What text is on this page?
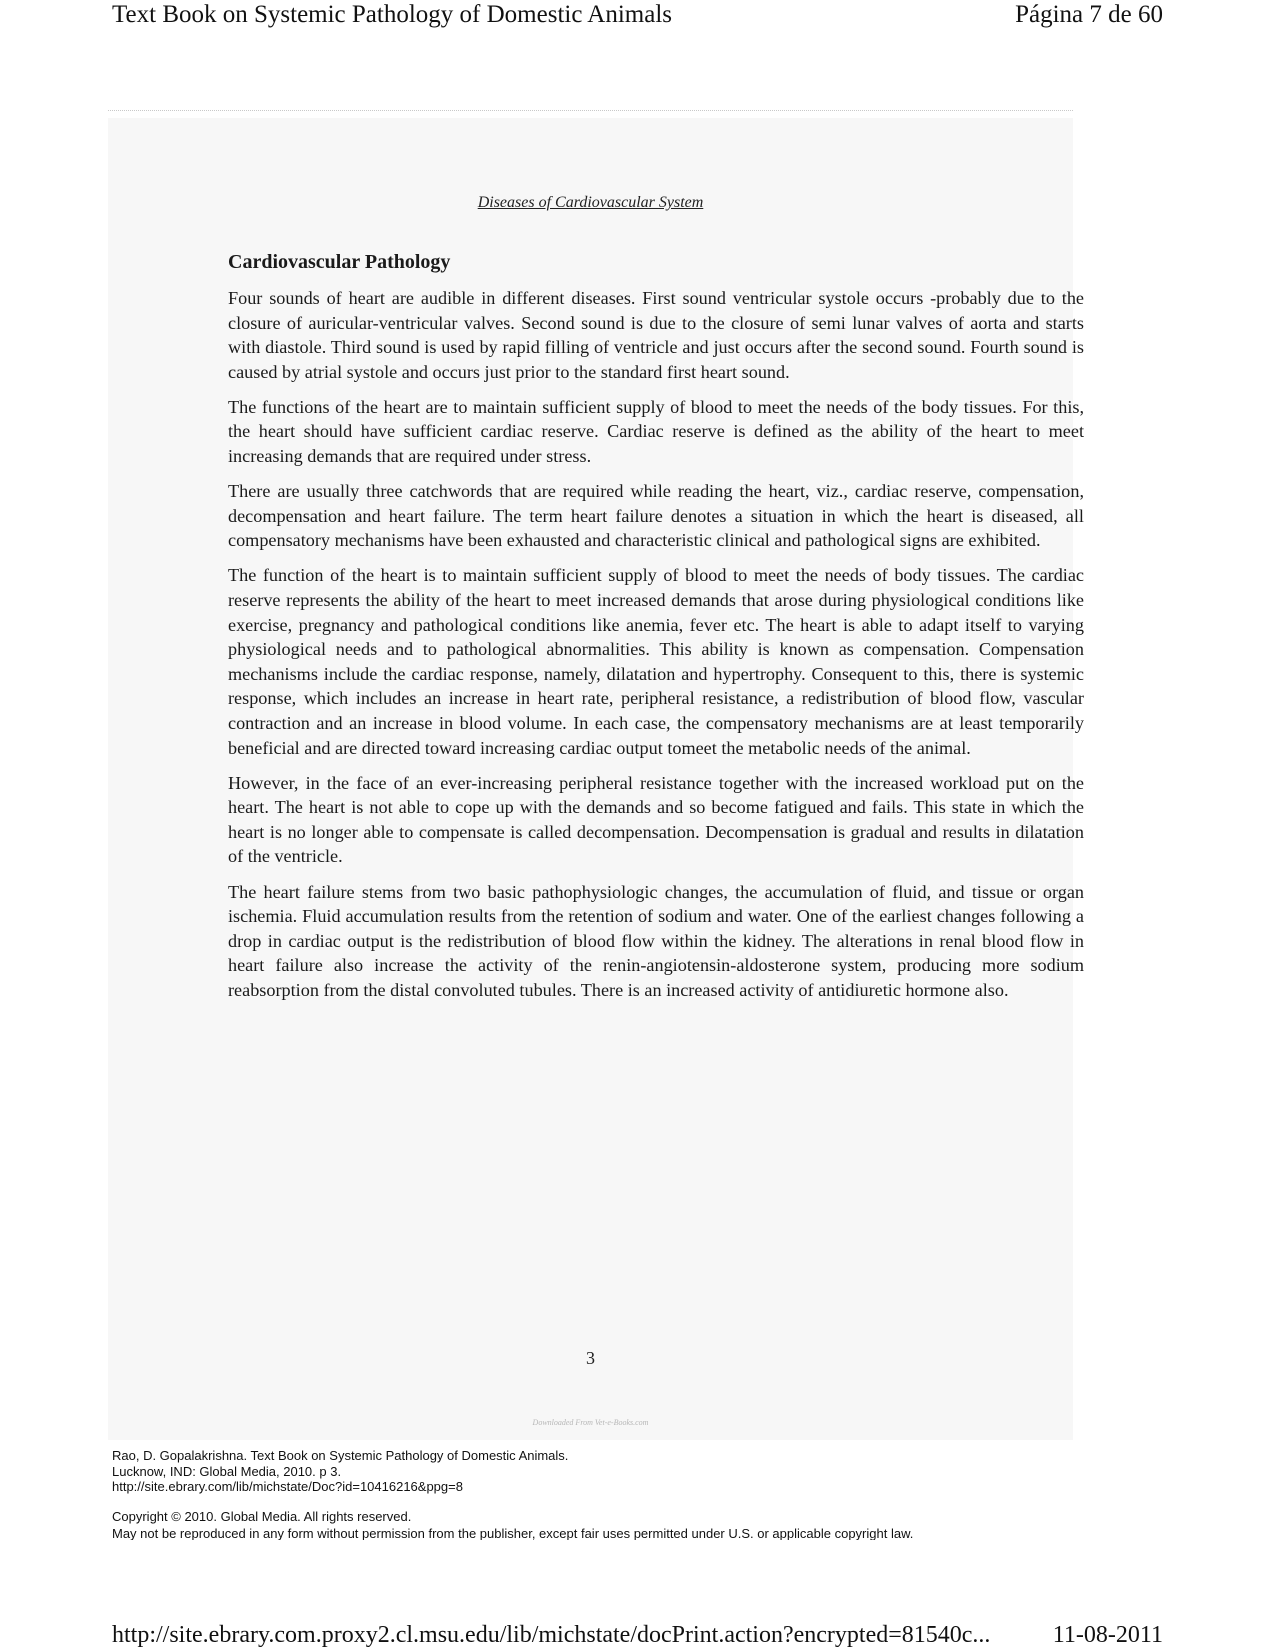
Text Book on Systemic Pathology of Domestic Animals	Página 7 de 60
Diseases of Cardiovascular System
Cardiovascular Pathology

Four sounds of heart are audible in different diseases. First sound ventricular systole occurs -probably due to the closure of auricular-ventricular valves. Second sound is due to the closure of semi lunar valves of aorta and starts with diastole. Third sound is used by rapid filling of ventricle and just occurs after the second sound. Fourth sound is caused by atrial systole and occurs just prior to the standard first heart sound.

The functions of the heart are to maintain sufficient supply of blood to meet the needs of the body tissues. For this, the heart should have sufficient cardiac reserve. Cardiac reserve is defined as the ability of the heart to meet increasing demands that are required under stress.

There are usually three catchwords that are required while reading the heart, viz., cardiac reserve, compensation, decompensation and heart failure. The term heart failure denotes a situation in which the heart is diseased, all compensatory mechanisms have been exhausted and characteristic clinical and pathological signs are exhibited.

The function of the heart is to maintain sufficient supply of blood to meet the needs of body tissues. The cardiac reserve represents the ability of the heart to meet increased demands that arose during physiological conditions like exercise, pregnancy and pathological conditions like anemia, fever etc. The heart is able to adapt itself to varying physiological needs and to pathological abnormalities. This ability is known as compensation. Compensation mechanisms include the cardiac response, namely, dilatation and hypertrophy. Consequent to this, there is systemic response, which includes an increase in heart rate, peripheral resistance, a redistribution of blood flow, vascular contraction and an increase in blood volume. In each case, the compensatory mechanisms are at least temporarily beneficial and are directed toward increasing cardiac output tomeet the metabolic needs of the animal.

However, in the face of an ever-increasing peripheral resistance together with the increased workload put on the heart. The heart is not able to cope up with the demands and so become fatigued and fails. This state in which the heart is no longer able to compensate is called decompensation. Decompensation is gradual and results in dilatation of the ventricle.

The heart failure stems from two basic pathophysiologic changes, the accumulation of fluid, and tissue or organ ischemia. Fluid accumulation results from the retention of sodium and water. One of the earliest changes following a drop in cardiac output is the redistribution of blood flow within the kidney. The alterations in renal blood flow in heart failure also increase the activity of the renin-angiotensin-aldosterone system, producing more sodium reabsorption from the distal convoluted tubules. There is an increased activity of antidiuretic hormone also.

3
Downloaded From Vet-e-Books.com
Rao, D. Gopalakrishna. Text Book on Systemic Pathology of Domestic Animals.
Lucknow, IND: Global Media, 2010. p 3.
http://site.ebrary.com/lib/michstate/Doc?id=10416216&ppg=8
Copyright © 2010. Global Media. All rights reserved.
May not be reproduced in any form without permission from the publisher, except fair uses permitted under U.S. or applicable copyright law.
http://site.ebrary.com.proxy2.cl.msu.edu/lib/michstate/docPrint.action?encrypted=81540c...	11-08-2011
